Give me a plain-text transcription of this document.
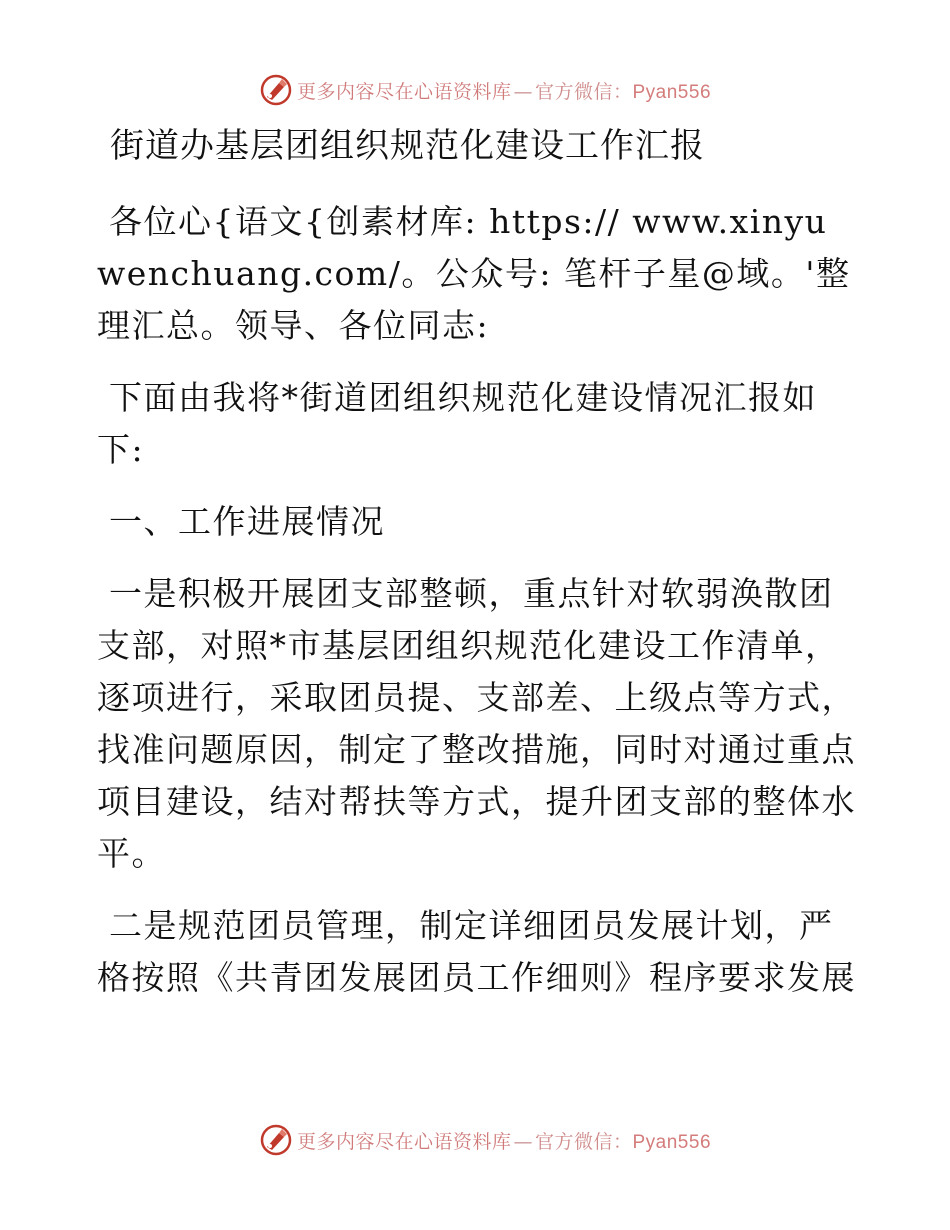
更多内容尽在心语资料库 — 官方微信：Pyan556
街道办基层团组织规范化建设工作汇报

各位心{语文{创素材库: https:// www.xinyuwenchuang.com/。公众号: 笔杆子星@域。'整理汇总。领导、各位同志:

下面由我将*街道团组织规范化建设情况汇报如下:

一、工作进展情况

一是积极开展团支部整顿，重点针对软弱涣散团支部，对照*市基层团组织规范化建设工作清单，逐项进行，采取团员提、支部差、上级点等方式，找准问题原因，制定了整改措施，同时对通过重点项目建设，结对帮扶等方式，提升团支部的整体水平。

二是规范团员管理，制定详细团员发展计划，严格按照《共青团发展团员工作细则》程序要求发展

更多内容尽在心语资料库 — 官方微信：Pyan556
